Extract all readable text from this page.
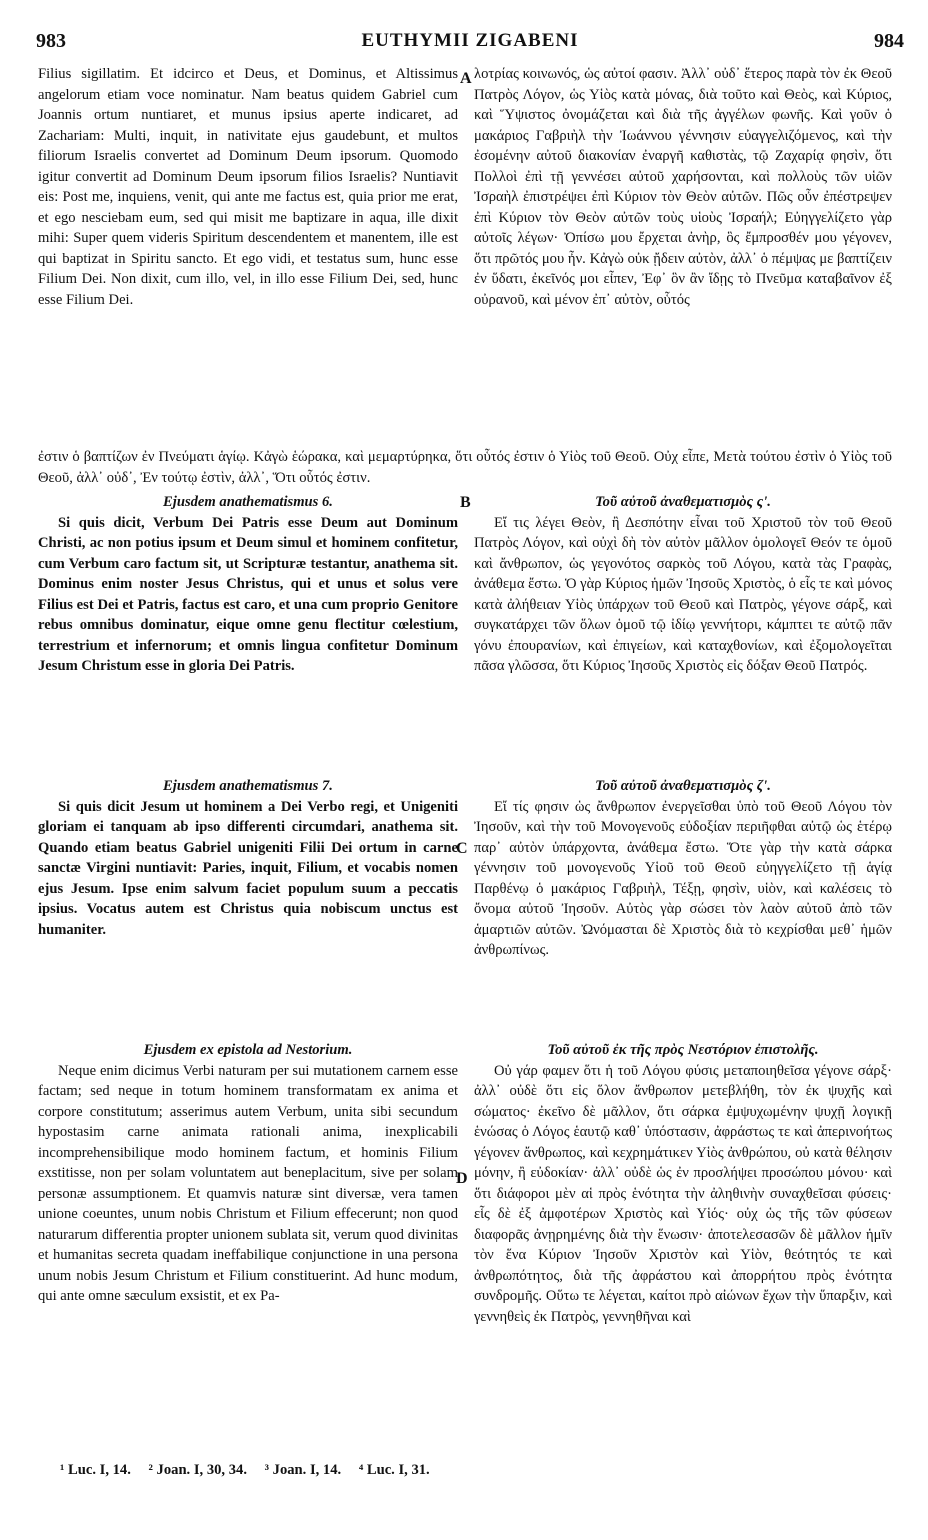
983	EUTHYMII ZIGABENI	984
A
B
C
D

Filius sigillatim. Et idcirco et Deus, et Dominus, et Altissimus angelorum etiam voce nominatur. Nam beatus quidem Gabriel cum Joannis ortum nuntiaret, et munus ipsius aperte indicaret, ad Zachariam: Multi, inquit, in nativitate ejus gaudebunt, et multos filiorum Israelis convertet ad Dominum Deum ipsorum. Quomodo igitur convertit ad Dominum Deum ipsorum filios Israelis? Nuntiavit eis: Post me, inquiens, venit, qui ante me factus est, quia prior me erat, et ego nesciebam eum, sed qui misit me baptizare in aqua, ille dixit mihi: Super quem videris Spiritum descendentem et manentem, ille est qui baptizat in Spiritu sancto. Et ego vidi, et testatus sum, hunc esse Filium Dei. Non dixit, cum illo, vel, in illo esse Filium Dei, sed, hunc esse Filium Dei.

Ejusdem anathematismus 6.

Si quis dicit, Verbum Dei Patris esse Deum aut Dominum Christi, ac non potius ipsum et Deum simul et hominem confitetur, cum Verbum caro factum sit, ut Scripturæ testantur, anathema sit. Dominus enim noster Jesus Christus, qui et unus et solus vere Filius est Dei et Patris, factus est caro, et una cum proprio Genitore rebus omnibus dominatur, eique omne genu flectitur cœlestium, terrestrium et infernorum; et omnis lingua confitetur Dominum Jesum Christum esse in gloria Dei Patris.

Ejusdem anathematismus 7.

Si quis dicit Jesum ut hominem a Dei Verbo regi, et Unigeniti gloriam ei tanquam ab ipso differenti circumdari, anathema sit. Quando etiam beatus Gabriel unigeniti Filii Dei ortum in carne sanctæ Virgini nuntiavit: Paries, inquit, Filium, et vocabis nomen ejus Jesum. Ipse enim salvum faciet populum suum a peccatis ipsius. Vocatus autem est Christus quia nobiscum unctus est humaniter.

Ejusdem ex epistola ad Nestorium.

Neque enim dicimus Verbi naturam per sui mutationem carnem esse factam; sed neque in totum hominem transformatam ex anima et corpore constitutum; asserimus autem Verbum, unita sibi secundum hypostasim carne animata rationali anima, inexplicabili incomprehensibilique modo hominem factum, et hominis Filium exstitisse, non per solam voluntatem aut beneplacitum, sive per solam personæ assumptionem. Et quamvis naturæ sint diversæ, vera tamen unione coeuntes, unum nobis Christum et Filium effecerunt; non quod naturarum differentia propter unionem sublata sit, verum quod divinitas et humanitas secreta quadam ineffabilique conjunctione in una persona unum nobis Jesum Christum et Filium constituerint. Ad hunc modum, qui ante omne sæculum exsistit, et ex Pa-

λοτρίας κοινωνός, ὡς αὐτοί φασιν. Ἀλλ᾽ οὐδ᾽ ἕτερος παρὰ τὸν ἐκ Θεοῦ Πατρὸς Λόγον, ὡς Υἱὸς κατὰ μόνας, διὰ τοῦτο καὶ Θεὸς, καὶ Κύριος, καὶ Ὕψιστος ὀνομάζεται καὶ διὰ τῆς ἀγγέλων φωνῆς. Καὶ γοῦν ὁ μακάριος Γαβριὴλ τὴν Ἰωάννου γέννησιν εὐαγγελιζόμενος, καὶ τὴν ἐσομένην αὐτοῦ διακονίαν ἐναργῆ καθιστὰς, τῷ Ζαχαρίᾳ φησὶν, ὅτι Πολλοὶ ἐπὶ τῇ γεννέσει αὐτοῦ χαρήσονται, καὶ πολλοὺς τῶν υἱῶν Ἰσραὴλ ἐπιστρέψει ἐπὶ Κύριον τὸν Θεὸν αὐτῶν. Πῶς οὖν ἐπέστρεψεν ἐπὶ Κύριον τὸν Θεὸν αὐτῶν τοὺς υἱοὺς Ἰσραήλ; Εὐηγγελίζετο γὰρ αὐτοῖς λέγων· Ὀπίσω μου ἔρχεται ἀνὴρ, ὃς ἔμπροσθέν μου γέγονεν, ὅτι πρῶτός μου ἦν. Κἀγὼ οὐκ ᾔδειν αὐτὸν, ἀλλ᾽ ὁ πέμψας με βαπτίζειν ἐν ὕδατι, ἐκεῖνός μοι εἶπεν, Ἐφ᾽ ὃν ἂν ἴδῃς τὸ Πνεῦμα καταβαῖνον ἐξ οὐρανοῦ, καὶ μένον ἐπ᾽ αὐτὸν, οὗτός

Τοῦ αὐτοῦ ἀναθεματισμὸς ς'.

Εἴ τις λέγει Θεὸν, ἢ Δεσπότην εἶναι τοῦ Χριστοῦ τὸν τοῦ Θεοῦ Πατρὸς Λόγον, καὶ οὐχὶ δὴ τὸν αὐτὸν μᾶλλον ὁμολογεῖ Θεόν τε ὁμοῦ καὶ ἄνθρωπον, ὡς γεγονότος σαρκὸς τοῦ Λόγου, κατὰ τὰς Γραφὰς, ἀνάθεμα ἔστω. Ὁ γὰρ Κύριος ἡμῶν Ἰησοῦς Χριστὸς, ὁ εἷς τε καὶ μόνος κατὰ ἀλήθειαν Υἱὸς ὑπάρχων τοῦ Θεοῦ καὶ Πατρὸς, γέγονε σάρξ, καὶ συγκατάρχει τῶν ὅλων ὁμοῦ τῷ ἰδίῳ γεννήτορι, κάμπτει τε αὐτῷ πᾶν γόνυ ἐπουρανίων, καὶ ἐπιγείων, καὶ καταχθονίων, καὶ ἐξομολογεῖται πᾶσα γλῶσσα, ὅτι Κύριος Ἰησοῦς Χριστὸς εἰς δόξαν Θεοῦ Πατρός.

Τοῦ αὐτοῦ ἀναθεματισμὸς ζ'.

Εἴ τίς φησιν ὡς ἄνθρωπον ἐνεργεῖσθαι ὑπὸ τοῦ Θεοῦ Λόγου τὸν Ἰησοῦν, καὶ τὴν τοῦ Μονογενοῦς εὐδοξίαν περιῆφθαι αὐτῷ ὡς ἑτέρῳ παρ᾽ αὐτὸν ὑπάρχοντα, ἀνάθεμα ἔστω. Ὅτε γὰρ τὴν κατὰ σάρκα γέννησιν τοῦ μονογενοῦς Υἱοῦ τοῦ Θεοῦ εὐηγγελίζετο τῇ ἁγίᾳ Παρθένῳ ὁ μακάριος Γαβριὴλ, Τέξῃ, φησὶν, υἱὸν, καὶ καλέσεις τὸ ὄνομα αὐτοῦ Ἰησοῦν. Αὐτὸς γὰρ σώσει τὸν λαὸν αὐτοῦ ἀπὸ τῶν ἁμαρτιῶν αὐτῶν. Ὠνόμασται δὲ Χριστὸς διὰ τὸ κεχρίσθαι μεθ᾽ ἡμῶν ἀνθρωπίνως.

Τοῦ αὐτοῦ ἐκ τῆς πρὸς Νεστόριον ἐπιστολῆς.

Οὐ γάρ φαμεν ὅτι ἡ τοῦ Λόγου φύσις μεταποιηθεῖσα γέγονε σάρξ· ἀλλ᾽ οὐδὲ ὅτι εἰς ὅλον ἄνθρωπον μετεβλήθη, τὸν ἐκ ψυχῆς καὶ σώματος· ἐκεῖνο δὲ μᾶλλον, ὅτι σάρκα ἐμψυχωμένην ψυχῇ λογικῇ ἑνώσας ὁ Λόγος ἑαυτῷ καθ᾽ ὑπόστασιν, ἀφράστως τε καὶ ἀπερινοήτως γέγονεν ἄνθρωπος, καὶ κεχρημάτικεν Υἱὸς ἀνθρώπου, οὐ κατὰ θέλησιν μόνην, ἢ εὐδοκίαν· ἀλλ᾽ οὐδὲ ὡς ἐν προσλήψει προσώπου μόνου· καὶ ὅτι διάφοροι μὲν αἱ πρὸς ἑνότητα τὴν ἀληθινὴν συναχθεῖσαι φύσεις· εἷς δὲ ἐξ ἀμφοτέρων Χριστὸς καὶ Υἱός· οὐχ ὡς τῆς τῶν φύσεων διαφορᾶς ἀνῃρημένης διὰ τὴν ἕνωσιν· ἀποτελεσασῶν δὲ μᾶλλον ἡμῖν τὸν ἕνα Κύριον Ἰησοῦν Χριστὸν καὶ Υἱὸν, θεότητός τε καὶ ἀνθρωπότητος, διὰ τῆς ἀφράστου καὶ ἀπορρήτου πρὸς ἑνότητα συνδρομῆς. Οὕτω τε λέγεται, καίτοι πρὸ αἰώνων ἔχων τὴν ὕπαρξιν, καὶ γεννηθεὶς ἐκ Πατρὸς, γεννηθῆναι καὶ

ἐστιν ὁ βαπτίζων ἐν Πνεύματι ἁγίῳ. Κἀγὼ ἑώρακα, καὶ μεμαρτύρηκα, ὅτι οὗτός ἐστιν ὁ Υἱὸς τοῦ Θεοῦ. Οὐχ εἶπε, Μετὰ τούτου ἐστὶν ὁ Υἱὸς τοῦ Θεοῦ, ἀλλ᾽ οὐδ᾽, Ἐν τούτῳ ἐστὶν, ἀλλ᾽, Ὅτι οὗτός ἐστιν.
¹ Luc. I, 14. ² Joan. I, 30, 34. ³ Joan. I, 14. ⁴ Luc. I, 31.
